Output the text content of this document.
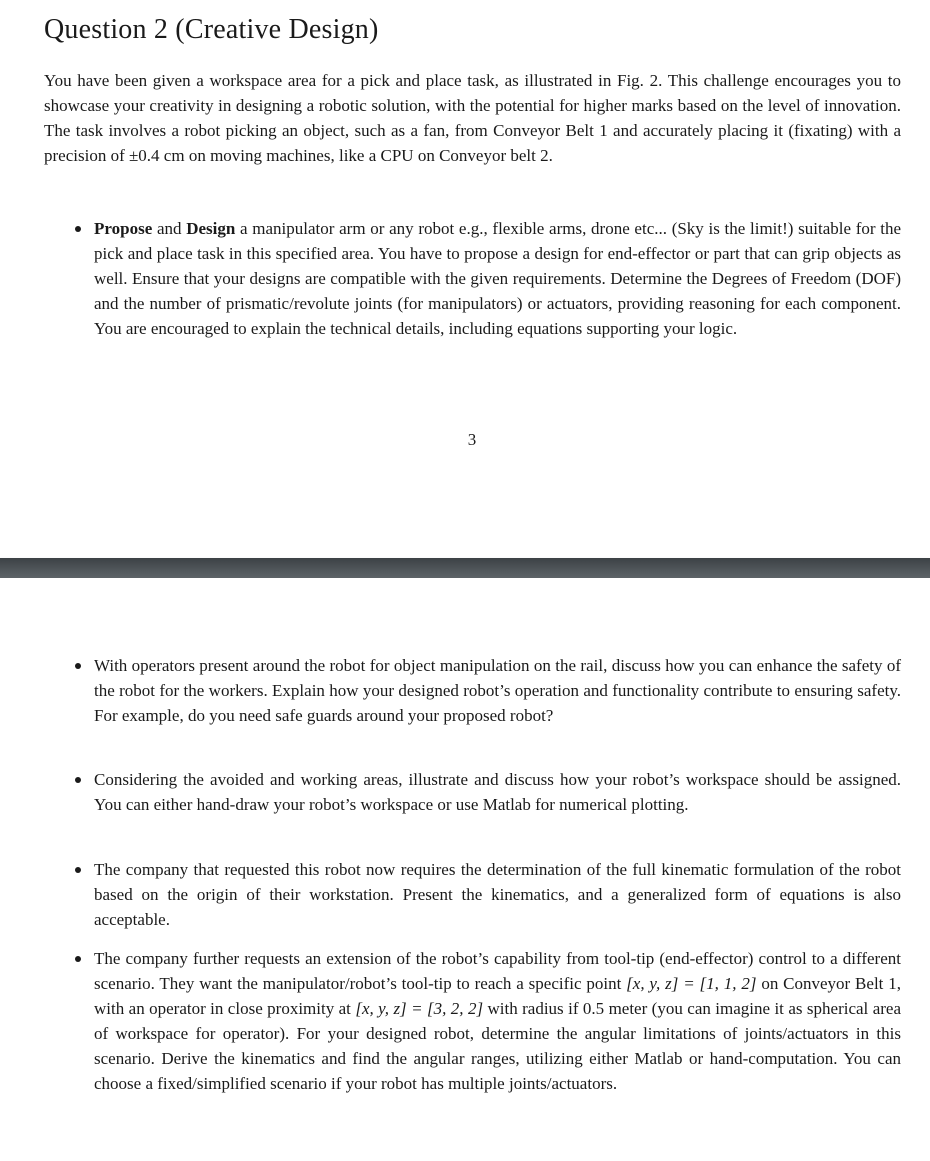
Question 2 (Creative Design)

You have been given a workspace area for a pick and place task, as illustrated in Fig. 2. This challenge encourages you to showcase your creativity in designing a robotic solution, with the potential for higher marks based on the level of innovation. The task involves a robot picking an object, such as a fan, from Conveyor Belt 1 and accurately placing it (fixating) with a precision of ±0.4 cm on moving machines, like a CPU on Conveyor belt 2.

Propose and Design a manipulator arm or any robot e.g., flexible arms, drone etc... (Sky is the limit!) suitable for the pick and place task in this specified area. You have to propose a design for end-effector or part that can grip objects as well. Ensure that your designs are compatible with the given requirements. Determine the Degrees of Freedom (DOF) and the number of prismatic/revolute joints (for manipulators) or actuators, providing reasoning for each component. You are encouraged to explain the technical details, including equations supporting your logic.

3

With operators present around the robot for object manipulation on the rail, discuss how you can enhance the safety of the robot for the workers. Explain how your designed robot’s operation and functionality contribute to ensuring safety. For example, do you need safe guards around your proposed robot?

Considering the avoided and working areas, illustrate and discuss how your robot’s workspace should be assigned. You can either hand-draw your robot’s workspace or use Matlab for numerical plotting.

The company that requested this robot now requires the determination of the full kinematic formulation of the robot based on the origin of their workstation. Present the kinematics, and a generalized form of equations is also acceptable.

The company further requests an extension of the robot’s capability from tool-tip (end-effector) control to a different scenario. They want the manipulator/robot’s tool-tip to reach a specific point [x, y, z] = [1, 1, 2] on Conveyor Belt 1, with an operator in close proximity at [x, y, z] = [3, 2, 2] with radius if 0.5 meter (you can imagine it as spherical area of workspace for operator). For your designed robot, determine the angular limitations of joints/actuators in this scenario. Derive the kinematics and find the angular ranges, utilizing either Matlab or hand-computation. You can choose a fixed/simplified scenario if your robot has multiple joints/actuators.
